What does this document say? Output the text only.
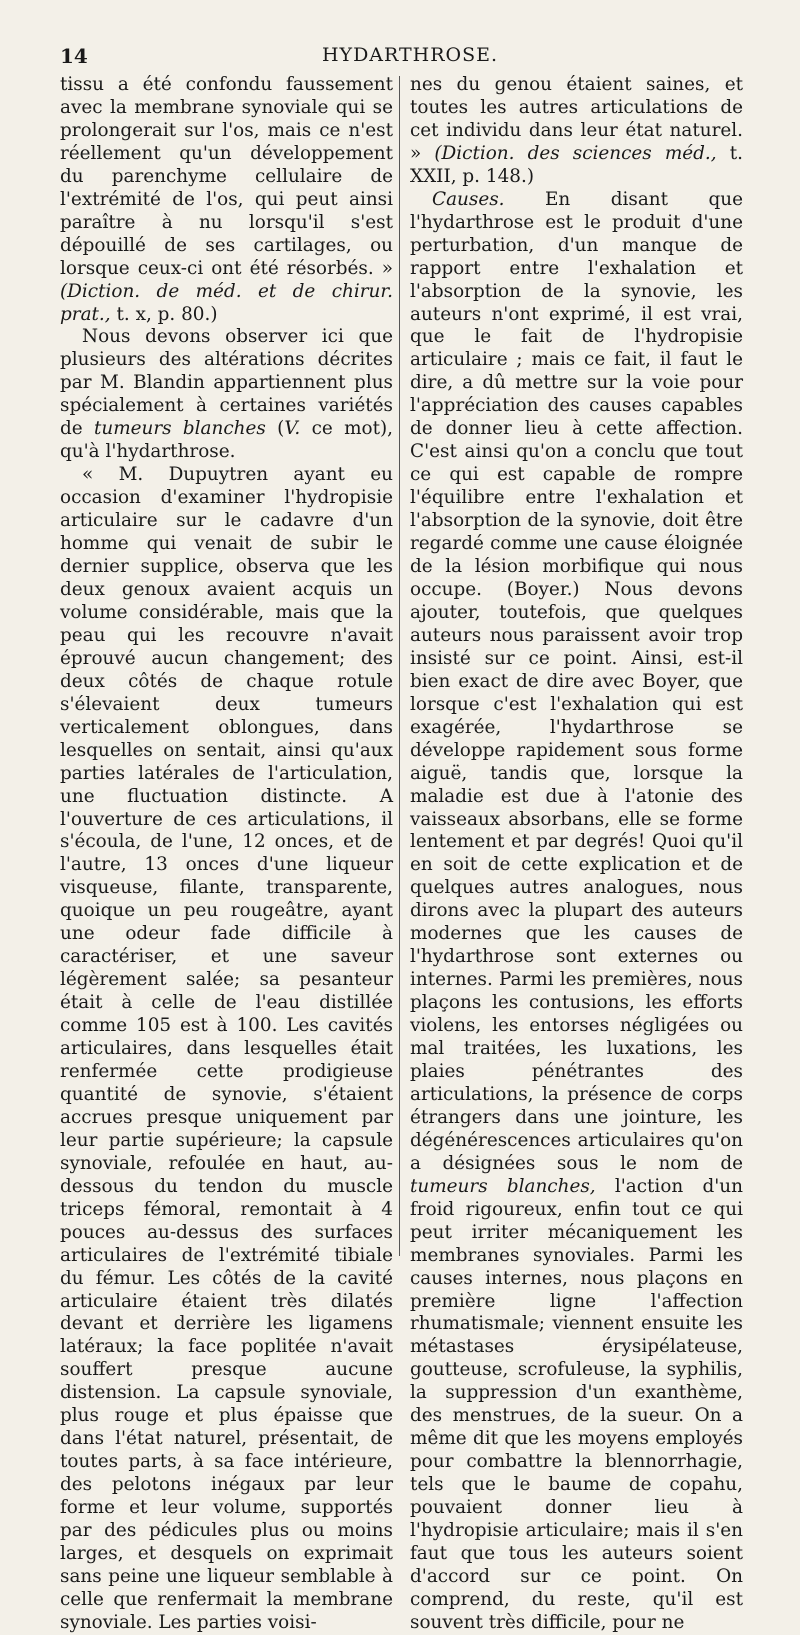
14	HYDARTHROSE.

tissu a été confondu faussement avec la membrane synoviale qui se prolongerait sur l'os, mais ce n'est réellement qu'un développement du parenchyme cellulaire de l'extrémité de l'os, qui peut ainsi paraître à nu lorsqu'il s'est dépouillé de ses cartilages, ou lorsque ceux-ci ont été résorbés. » (Diction. de méd. et de chirur. prat., t. x, p. 80.)

Nous devons observer ici que plusieurs des altérations décrites par M. Blandin appartiennent plus spécialement à certaines variétés de tumeurs blanches (V. ce mot), qu'à l'hydarthrose.

« M. Dupuytren ayant eu occasion d'examiner l'hydropisie articulaire sur le cadavre d'un homme qui venait de subir le dernier supplice, observa que les deux genoux avaient acquis un volume considérable, mais que la peau qui les recouvre n'avait éprouvé aucun changement; des deux côtés de chaque rotule s'élevaient deux tumeurs verticalement oblongues, dans lesquelles on sentait, ainsi qu'aux parties latérales de l'articulation, une fluctuation distincte. A l'ouverture de ces articulations, il s'écoula, de l'une, 12 onces, et de l'autre, 13 onces d'une liqueur visqueuse, filante, transparente, quoique un peu rougeâtre, ayant une odeur fade difficile à caractériser, et une saveur légèrement salée; sa pesanteur était à celle de l'eau distillée comme 105 est à 100. Les cavités articulaires, dans lesquelles était renfermée cette prodigieuse quantité de synovie, s'étaient accrues presque uniquement par leur partie supérieure; la capsule synoviale, refoulée en haut, au-dessous du tendon du muscle triceps fémoral, remontait à 4 pouces au-dessus des surfaces articulaires de l'extrémité tibiale du fémur. Les côtés de la cavité articulaire étaient très dilatés devant et derrière les ligamens latéraux; la face poplitée n'avait souffert presque aucune distension. La capsule synoviale, plus rouge et plus épaisse que dans l'état naturel, présentait, de toutes parts, à sa face intérieure, des pelotons inégaux par leur forme et leur volume, supportés par des pédicules plus ou moins larges, et desquels on exprimait sans peine une liqueur semblable à celle que renfermait la membrane synoviale. Les parties voisi-

nes du genou étaient saines, et toutes les autres articulations de cet individu dans leur état naturel. » (Diction. des sciences méd., t. XXII, p. 148.)

Causes. En disant que l'hydarthrose est le produit d'une perturbation, d'un manque de rapport entre l'exhalation et l'absorption de la synovie, les auteurs n'ont exprimé, il est vrai, que le fait de l'hydropisie articulaire ; mais ce fait, il faut le dire, a dû mettre sur la voie pour l'appréciation des causes capables de donner lieu à cette affection. C'est ainsi qu'on a conclu que tout ce qui est capable de rompre l'équilibre entre l'exhalation et l'absorption de la synovie, doit être regardé comme une cause éloignée de la lésion morbifique qui nous occupe. (Boyer.) Nous devons ajouter, toutefois, que quelques auteurs nous paraissent avoir trop insisté sur ce point. Ainsi, est-il bien exact de dire avec Boyer, que lorsque c'est l'exhalation qui est exagérée, l'hydarthrose se développe rapidement sous forme aiguë, tandis que, lorsque la maladie est due à l'atonie des vaisseaux absorbans, elle se forme lentement et par degrés! Quoi qu'il en soit de cette explication et de quelques autres analogues, nous dirons avec la plupart des auteurs modernes que les causes de l'hydarthrose sont externes ou internes. Parmi les premières, nous plaçons les contusions, les efforts violens, les entorses négligées ou mal traitées, les luxations, les plaies pénétrantes des articulations, la présence de corps étrangers dans une jointure, les dégénérescences articulaires qu'on a désignées sous le nom de tumeurs blanches, l'action d'un froid rigoureux, enfin tout ce qui peut irriter mécaniquement les membranes synoviales. Parmi les causes internes, nous plaçons en première ligne l'affection rhumatismale; viennent ensuite les métastases érysipélateuse, goutteuse, scrofuleuse, la syphilis, la suppression d'un exanthème, des menstrues, de la sueur. On a même dit que les moyens employés pour combattre la blennorrhagie, tels que le baume de copahu, pouvaient donner lieu à l'hydropisie articulaire; mais il s'en faut que tous les auteurs soient d'accord sur ce point. On comprend, du reste, qu'il est souvent très difficile, pour ne
